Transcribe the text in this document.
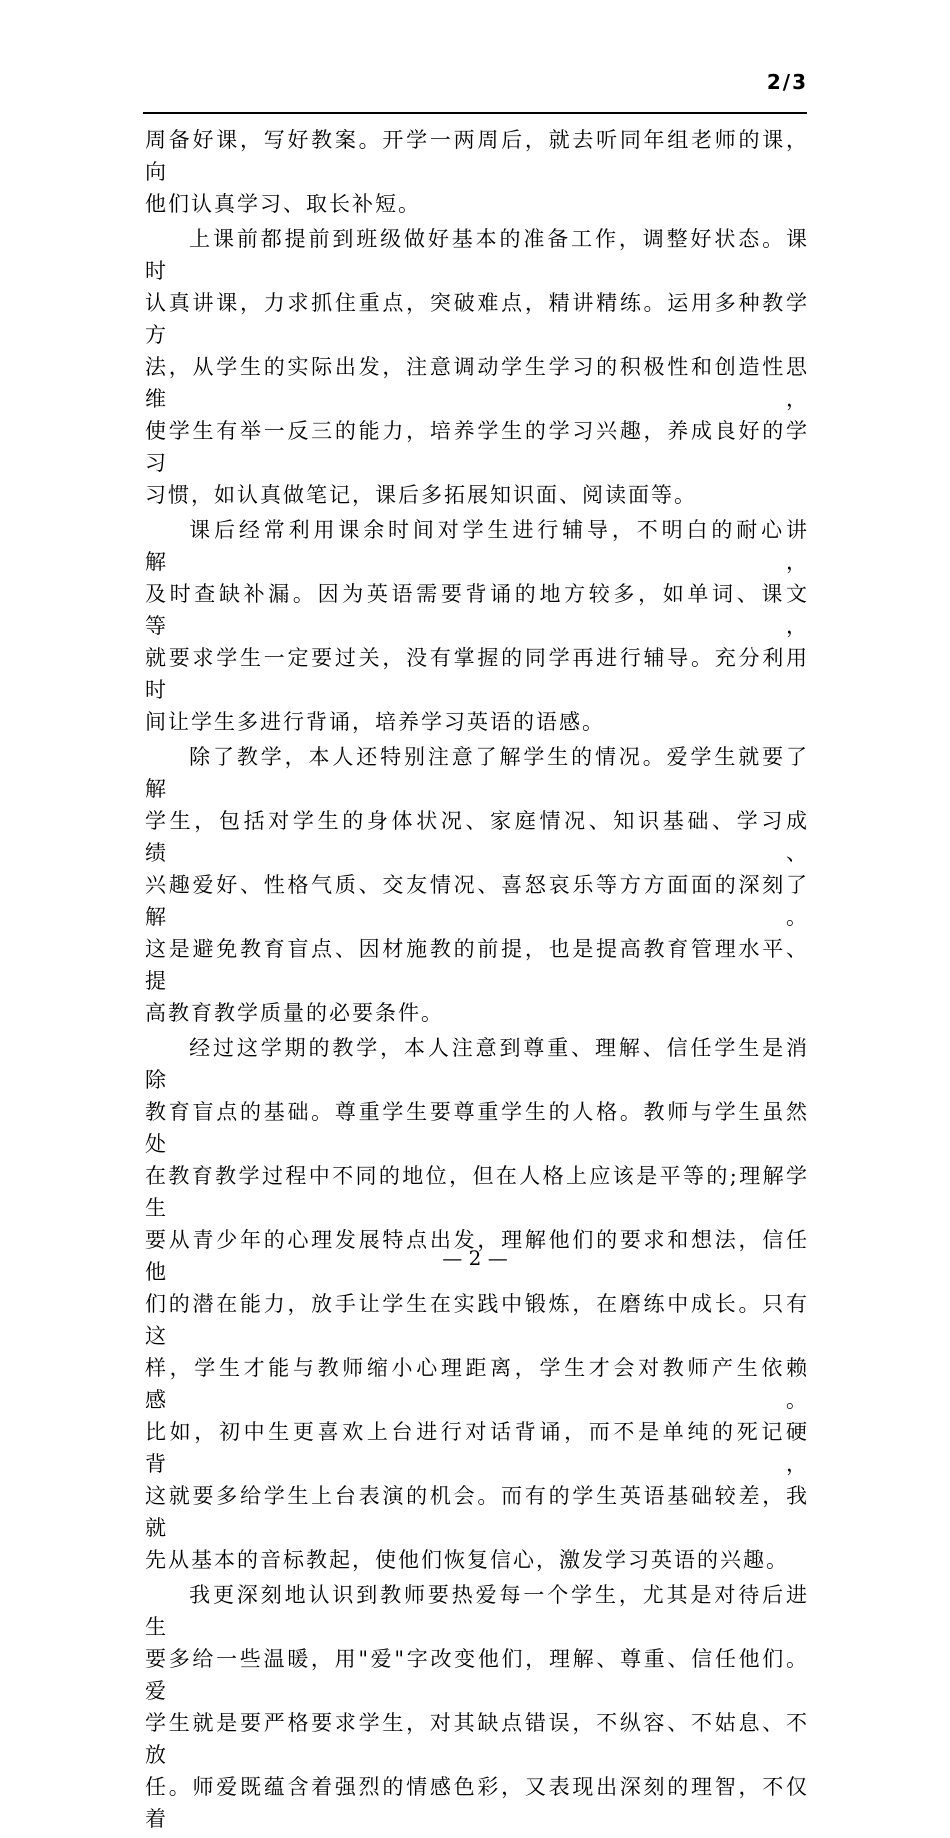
2/3

周备好课，写好教案。开学一两周后，就去听同年组老师的课，向
他们认真学习、取长补短。

上课前都提前到班级做好基本的准备工作，调整好状态。课时
认真讲课，力求抓住重点，突破难点，精讲精练。运用多种教学方
法，从学生的实际出发，注意调动学生学习的积极性和创造性思维，
使学生有举一反三的能力，培养学生的学习兴趣，养成良好的学习
习惯，如认真做笔记，课后多拓展知识面、阅读面等。

课后经常利用课余时间对学生进行辅导，不明白的耐心讲解，
及时查缺补漏。因为英语需要背诵的地方较多，如单词、课文等，
就要求学生一定要过关，没有掌握的同学再进行辅导。充分利用时
间让学生多进行背诵，培养学习英语的语感。

除了教学，本人还特别注意了解学生的情况。爱学生就要了解
学生，包括对学生的身体状况、家庭情况、知识基础、学习成绩、
兴趣爱好、性格气质、交友情况、喜怒哀乐等方方面面的深刻了解。
这是避免教育盲点、因材施教的前提，也是提高教育管理水平、提
高教育教学质量的必要条件。

经过这学期的教学，本人注意到尊重、理解、信任学生是消除
教育盲点的基础。尊重学生要尊重学生的人格。教师与学生虽然处
在教育教学过程中不同的地位，但在人格上应该是平等的;理解学生
要从青少年的心理发展特点出发，理解他们的要求和想法，信任他
们的潜在能力，放手让学生在实践中锻炼，在磨练中成长。只有这
样，学生才能与教师缩小心理距离，学生才会对教师产生依赖感。
比如，初中生更喜欢上台进行对话背诵，而不是单纯的死记硬背，
这就要多给学生上台表演的机会。而有的学生英语基础较差，我就
先从基本的音标教起，使他们恢复信心，激发学习英语的兴趣。

我更深刻地认识到教师要热爱每一个学生，尤其是对待后进生
要多给一些温暖，用"爱"字改变他们，理解、尊重、信任他们。爱
学生就是要严格要求学生，对其缺点错误，不纵容、不姑息、不放
任。师爱既蕴含着强烈的情感色彩，又表现出深刻的理智，不仅着

— 2 —
